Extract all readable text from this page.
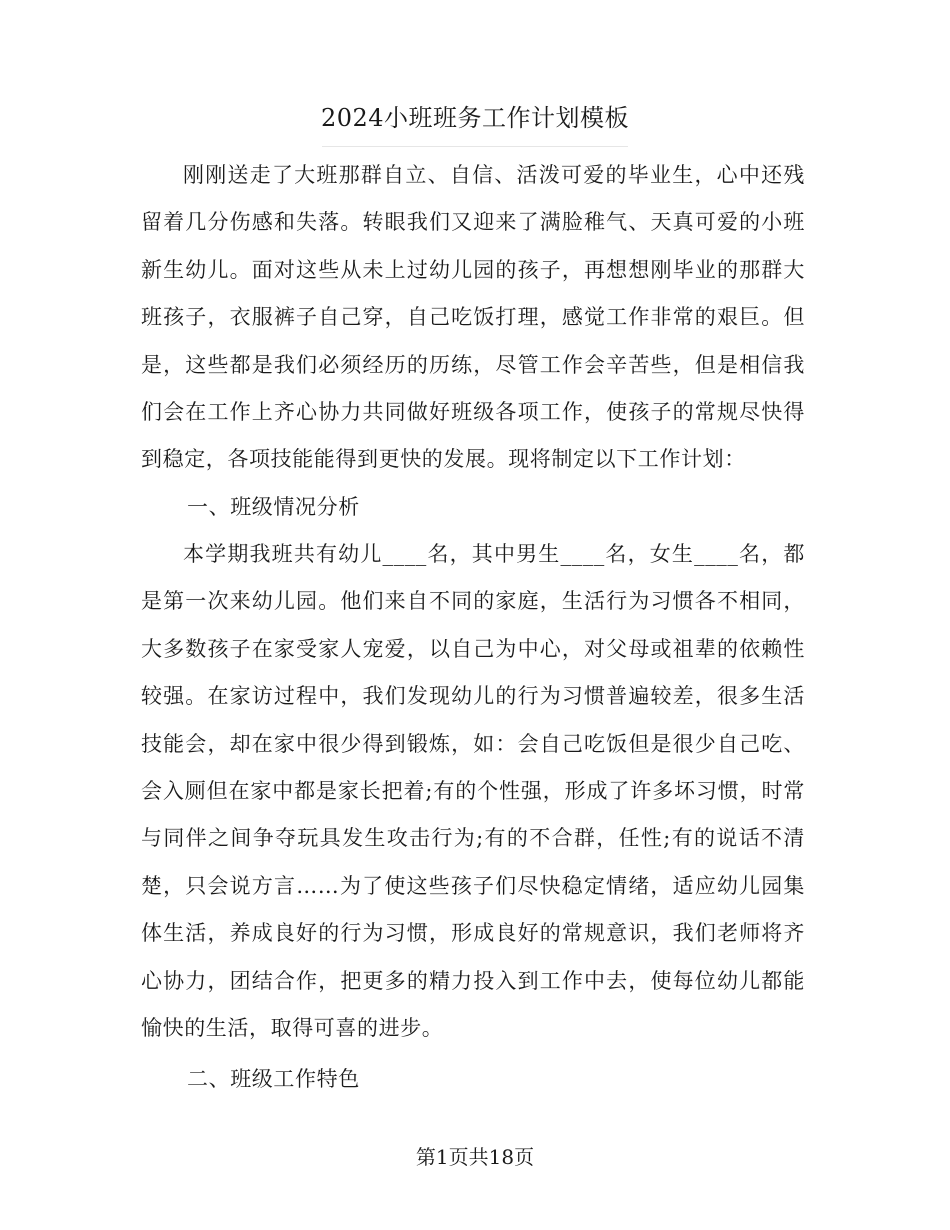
2024小班班务工作计划模板

刚刚送走了大班那群自立、自信、活泼可爱的毕业生，心中还残留着几分伤感和失落。转眼我们又迎来了满脸稚气、天真可爱的小班新生幼儿。面对这些从未上过幼儿园的孩子，再想想刚毕业的那群大班孩子，衣服裤子自己穿，自己吃饭打理，感觉工作非常的艰巨。但是，这些都是我们必须经历的历练，尽管工作会辛苦些，但是相信我们会在工作上齐心协力共同做好班级各项工作，使孩子的常规尽快得到稳定，各项技能能得到更快的发展。现将制定以下工作计划：

一、班级情况分析

本学期我班共有幼儿____名，其中男生____名，女生____名，都是第一次来幼儿园。他们来自不同的家庭，生活行为习惯各不相同，大多数孩子在家受家人宠爱，以自己为中心，对父母或祖辈的依赖性较强。在家访过程中，我们发现幼儿的行为习惯普遍较差，很多生活技能会，却在家中很少得到锻炼，如：会自己吃饭但是很少自己吃、会入厕但在家中都是家长把着;有的个性强，形成了许多坏习惯，时常与同伴之间争夺玩具发生攻击行为;有的不合群，任性;有的说话不清楚，只会说方言……为了使这些孩子们尽快稳定情绪，适应幼儿园集体生活，养成良好的行为习惯，形成良好的常规意识，我们老师将齐心协力，团结合作，把更多的精力投入到工作中去，使每位幼儿都能愉快的生活，取得可喜的进步。

二、班级工作特色

第1页共18页
